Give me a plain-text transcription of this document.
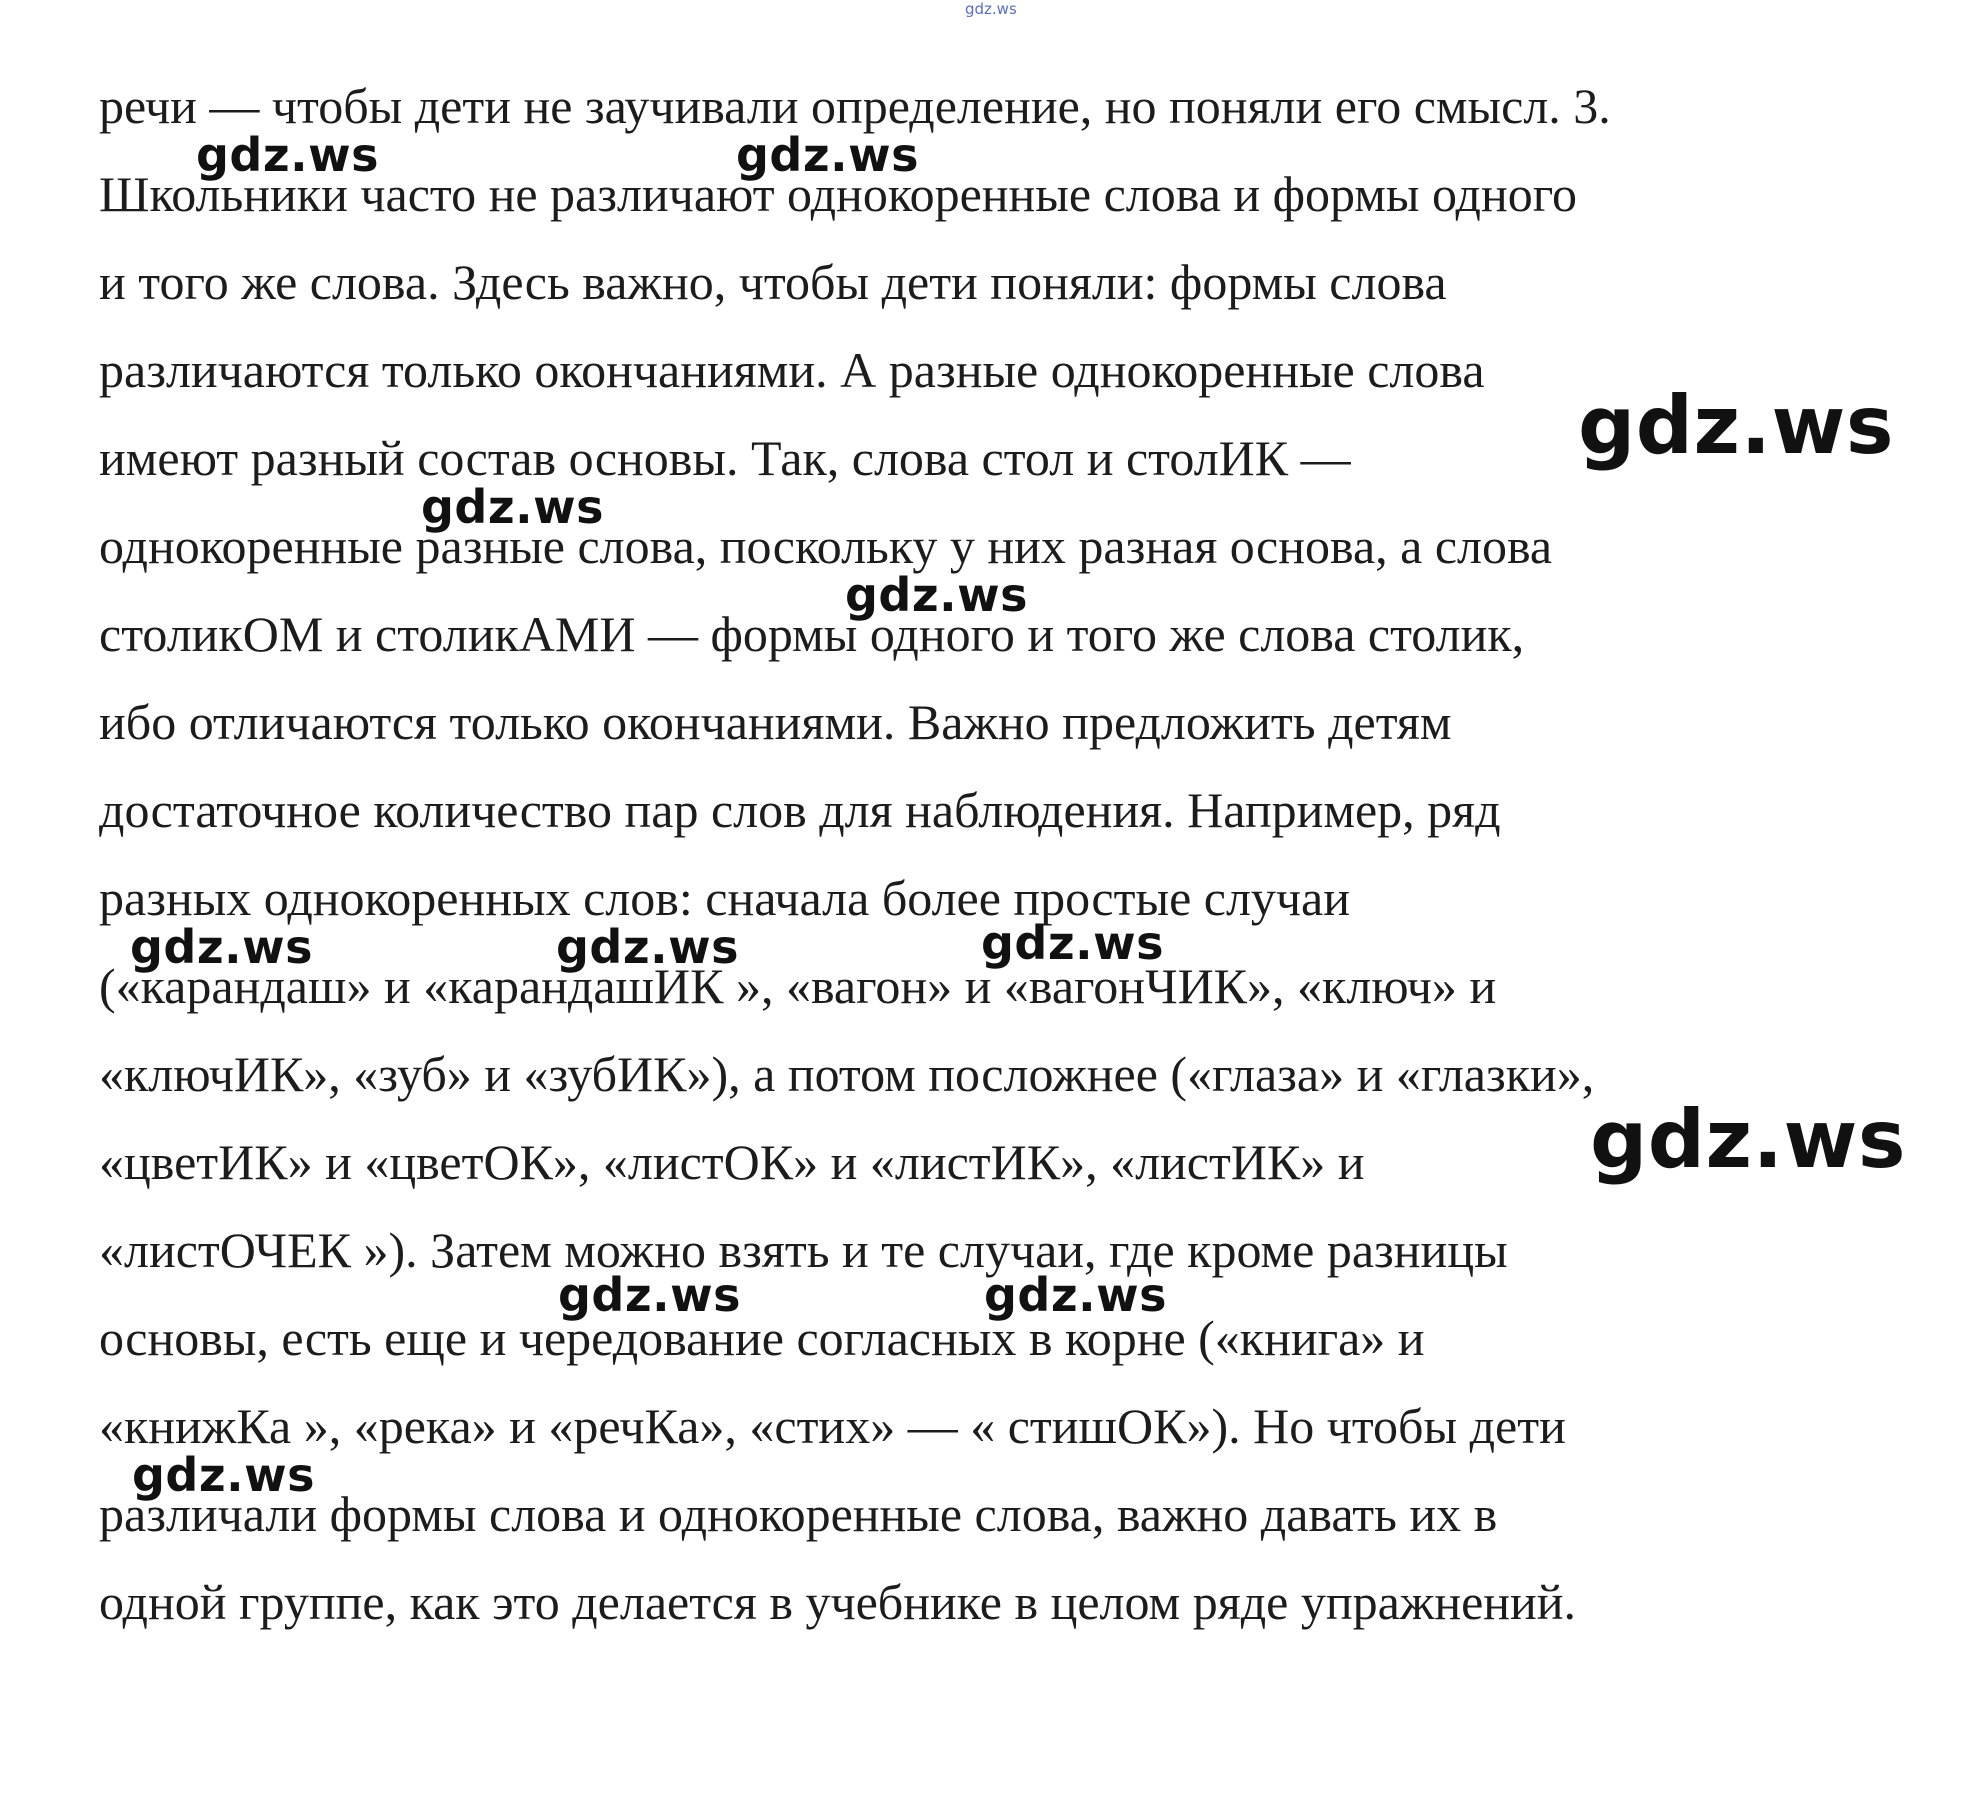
gdz.ws
речи — чтобы дети не заучивали определение, но поняли его смысл. 3.
Школьники часто не различают однокоренные слова и формы одного
и того же слова. Здесь важно, чтобы дети поняли: формы слова
различаются только окончаниями. А разные однокоренные слова
имеют разный состав основы. Так, слова стол и столИК —
однокоренные разные слова, поскольку у них разная основа, а слова
столикОМ и столикАМИ — формы одного и того же слова столик,
ибо отличаются только окончаниями. Важно предложить детям
достаточное количество пар слов для наблюдения. Например, ряд
разных однокоренных слов: сначала более простые случаи
(«карандаш» и «карандашИК », «вагон» и «вагонЧИК», «ключ» и
«ключИК», «зуб» и «зубИК»), а потом посложнее («глаза» и «глазки»,
«цветИК» и «цветОК», «листОК» и «листИК», «листИК» и
«листОЧЕК »). Затем можно взять и те случаи, где кроме разницы
основы, есть еще и чередование согласных в корне («книга» и
«книжКа », «река» и «речКа», «стих» — « стишОК»). Но чтобы дети
различали формы слова и однокоренные слова, важно давать их в
одной группе, как это делается в учебнике в целом ряде упражнений.
gdz.ws	gdz.ws
gdz.ws
gdz.ws
gdz.ws
gdz.ws	gdz.ws	gdz.ws
gdz.ws
gdz.ws	gdz.ws
gdz.ws
